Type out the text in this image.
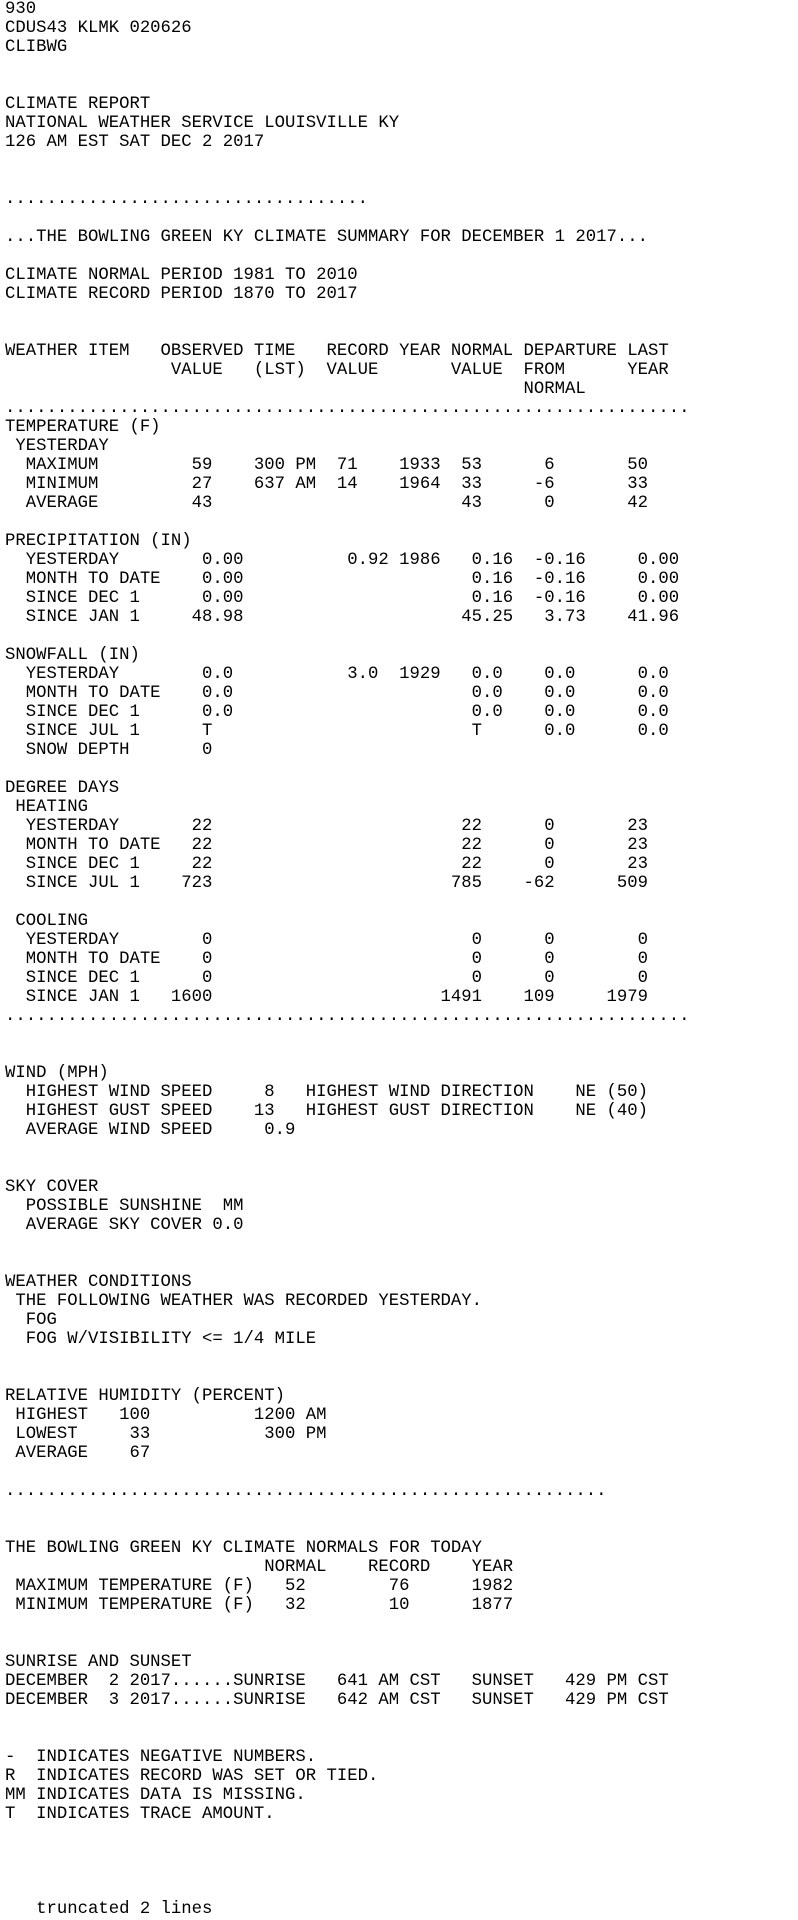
930
CDUS43 KLMK 020626
CLIBWG

CLIMATE REPORT
NATIONAL WEATHER SERVICE LOUISVILLE KY
126 AM EST SAT DEC 2 2017

...................................

...THE BOWLING GREEN KY CLIMATE SUMMARY FOR DECEMBER 1 2017...

CLIMATE NORMAL PERIOD 1981 TO 2010
CLIMATE RECORD PERIOD 1870 TO 2017

WEATHER ITEM   OBSERVED TIME   RECORD YEAR NORMAL DEPARTURE LAST
VALUE   (LST)  VALUE       VALUE  FROM      YEAR
NORMAL
..................................................................
TEMPERATURE (F)
YESTERDAY
MAXIMUM         59    300 PM  71    1933  53      6       50
MINIMUM         27    637 AM  14    1964  33     -6       33
AVERAGE         43                        43      0       42

PRECIPITATION (IN)
YESTERDAY        0.00          0.92 1986   0.16  -0.16     0.00
MONTH TO DATE    0.00                      0.16  -0.16     0.00
SINCE DEC 1      0.00                      0.16  -0.16     0.00
SINCE JAN 1     48.98                     45.25   3.73    41.96

SNOWFALL (IN)
YESTERDAY        0.0           3.0  1929   0.0    0.0      0.0
MONTH TO DATE    0.0                       0.0    0.0      0.0
SINCE DEC 1      0.0                       0.0    0.0      0.0
SINCE JUL 1      T                         T      0.0      0.0
SNOW DEPTH       0

DEGREE DAYS
HEATING
YESTERDAY       22                        22      0       23
MONTH TO DATE   22                        22      0       23
SINCE DEC 1     22                        22      0       23
SINCE JUL 1    723                       785    -62      509

COOLING
YESTERDAY        0                         0      0        0
MONTH TO DATE    0                         0      0        0
SINCE DEC 1      0                         0      0        0
SINCE JAN 1   1600                      1491    109     1979
..................................................................

WIND (MPH)
HIGHEST WIND SPEED     8   HIGHEST WIND DIRECTION    NE (50)
HIGHEST GUST SPEED    13   HIGHEST GUST DIRECTION    NE (40)
AVERAGE WIND SPEED     0.9

SKY COVER
POSSIBLE SUNSHINE  MM
AVERAGE SKY COVER 0.0

WEATHER CONDITIONS
THE FOLLOWING WEATHER WAS RECORDED YESTERDAY.
FOG
FOG W/VISIBILITY <= 1/4 MILE

RELATIVE HUMIDITY (PERCENT)
HIGHEST   100          1200 AM
LOWEST     33           300 PM
AVERAGE    67

..........................................................

THE BOWLING GREEN KY CLIMATE NORMALS FOR TODAY
NORMAL    RECORD    YEAR
MAXIMUM TEMPERATURE (F)   52        76      1982
MINIMUM TEMPERATURE (F)   32        10      1877

SUNRISE AND SUNSET
DECEMBER  2 2017......SUNRISE   641 AM CST   SUNSET   429 PM CST
DECEMBER  3 2017......SUNRISE   642 AM CST   SUNSET   429 PM CST

-  INDICATES NEGATIVE NUMBERS.
R  INDICATES RECORD WAS SET OR TIED.
MM INDICATES DATA IS MISSING.
T  INDICATES TRACE AMOUNT.

truncated 2 lines
